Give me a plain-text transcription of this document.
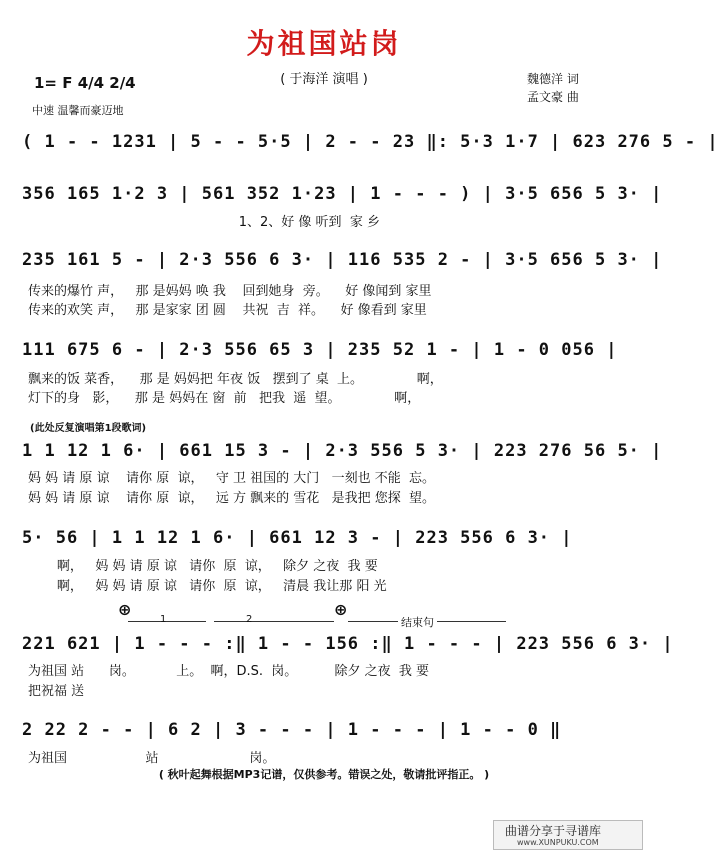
为祖国站岗
( 于海洋 演唱 )	魏德洋 词
孟文豪 曲
1= F 4/4 2/4
中速 温馨而豪迈地
( 1 - - 1231 | 5 - - 5·5 | 2 - - 23 ‖: 5·3 1·7 | 623 276 5 - |
356 165 1·2 3 | 561 352 1·23 | 1 - - - ) | 3·5 656 5 3· |
1、2、好 像 听到  家 乡
235 161 5 - | 2·3 556 6 3· | 116 535 2 - | 3·5 656 5 3· |
传来的爆竹 声，   那 是妈妈 唤 我    回到她身  旁。    好 像闻到 家里
传来的欢笑 声，   那 是家家 团 圆    共祝  吉  祥。    好 像看到 家里
111 675 6 - | 2·3 556 65 3 | 235 52 1 - | 1 - 0 056 |
飘来的饭 菜香，    那 是 妈妈把 年夜 饭   摆到了 桌  上。             啊，
灯下的身   影，    那 是 妈妈在 窗  前   把我  遥  望。             啊，
(此处反复演唱第1段歌词)
1 1 12 1 6· | 661 15 3 - | 2·3 556 5 3· | 223 276 56 5· |
妈 妈 请 原 谅    请你 原  谅，   守 卫 祖国的 大门   一刻也 不能  忘。
妈 妈 请 原 谅    请你 原  谅，   远 方 飘来的 雪花   是我把 您探  望。
5· 56 | 1 1 12 1 6· | 661 12 3 - | 223 556 6 3· |
啊，   妈 妈 请 原 谅   请你  原  谅，   除夕 之夜  我 要
啊，   妈 妈 请 原 谅   请你  原  谅，   清晨 我让那 阳 光
⊕	⊕
1	2	结束句
221 621 | 1 - - - :‖ 1 - - 156 :‖ 1 - - - | 223 556 6 3· |
为祖国 站      岗。          上。  啊，D.S.  岗。         除夕 之夜  我 要
把祝福 送
2 22 2 - - | 6 2 | 3 - - - | 1 - - - | 1 - - 0 ‖
为祖国                   站                      岗。
( 秋叶起舞根据MP3记谱，仅供参考。错误之处，敬请批评指正。 )
曲谱分享于寻谱库
www.XUNPUKU.COM
